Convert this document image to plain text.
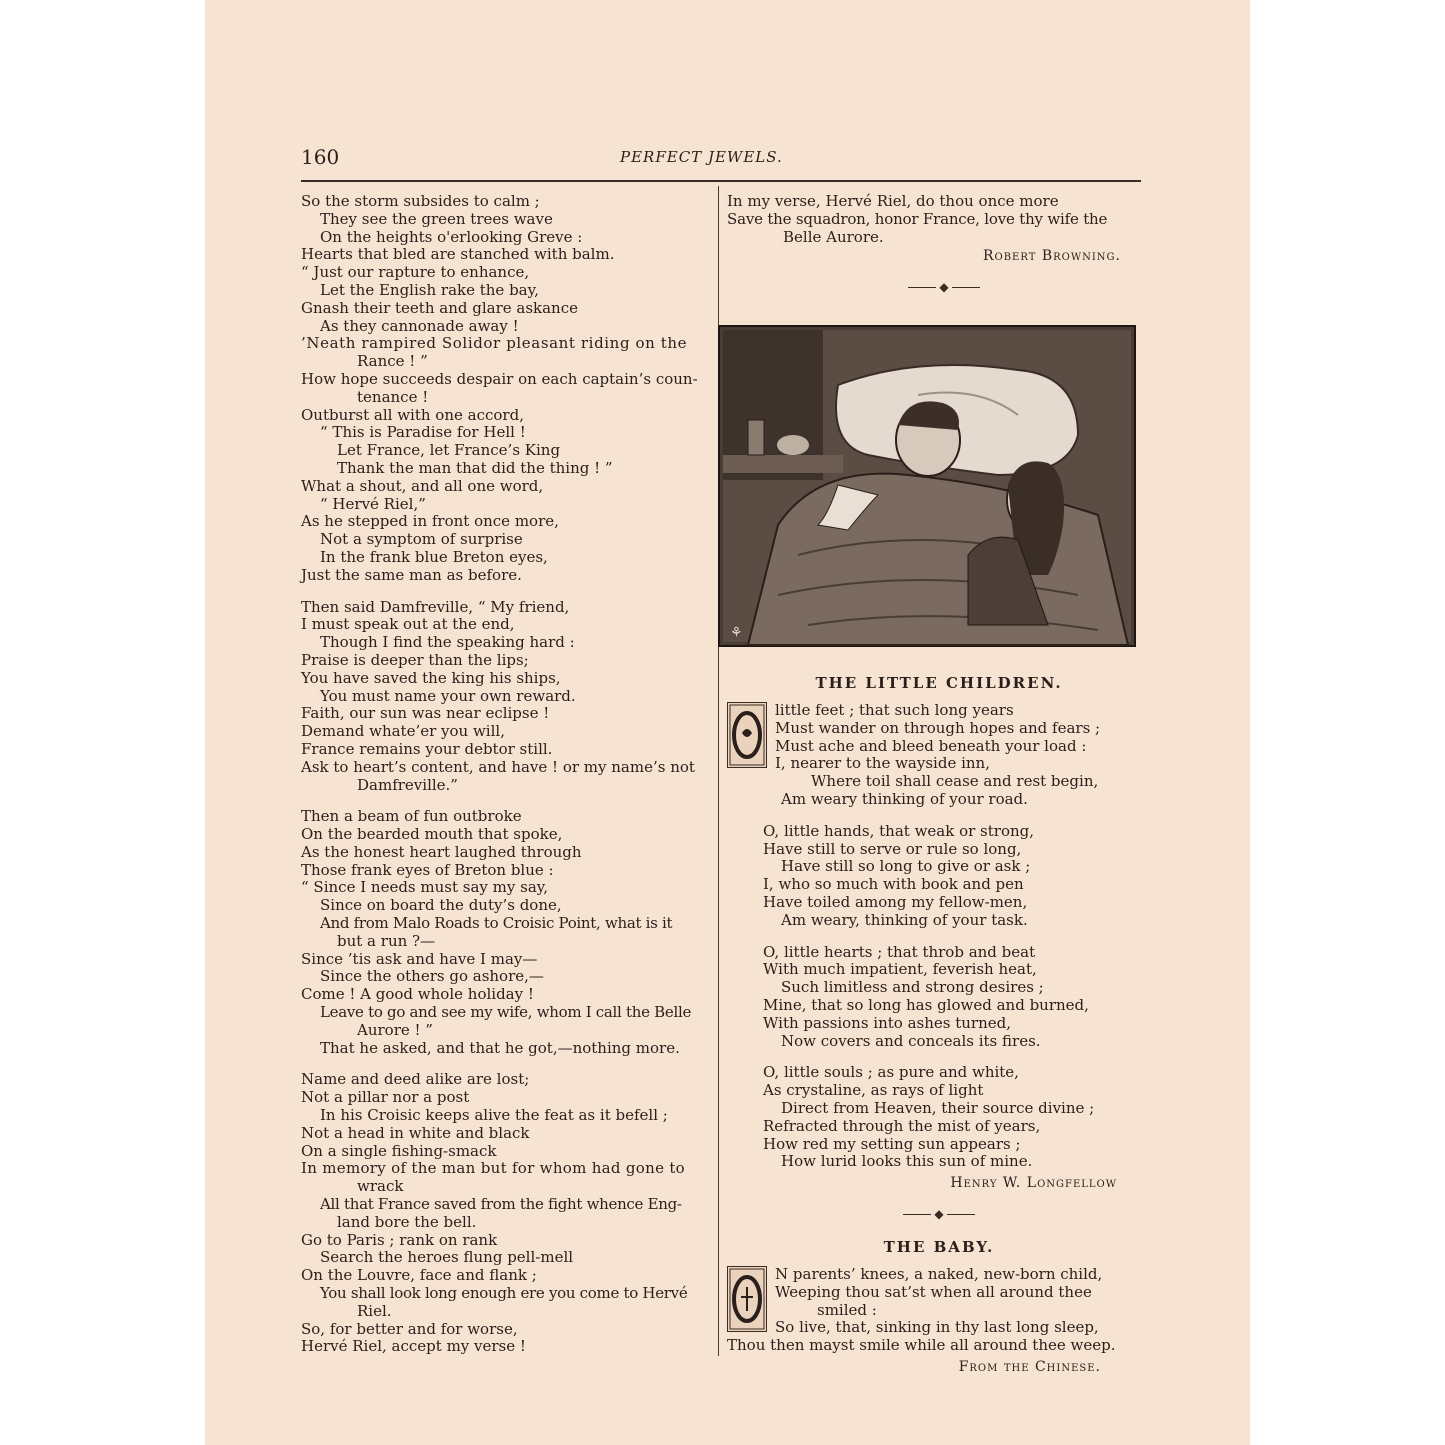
160	PERFECT JEWELS.
So the storm subsides to calm ;
They see the green trees wave
On the heights o'erlooking Greve :
Hearts that bled are stanched with balm.
“ Just our rapture to enhance,
Let the English rake the bay,
Gnash their teeth and glare askance
As they cannonade away !
’Neath rampired Solidor pleasant riding on the
Rance ! ”
How hope succeeds despair on each captain’s coun-
tenance !
Outburst all with one accord,
“ This is Paradise for Hell !
Let France, let France’s King
Thank the man that did the thing ! ”
What a shout, and all one word,
“ Hervé Riel,”
As he stepped in front once more,
Not a symptom of surprise
In the frank blue Breton eyes,
Just the same man as before.
Then said Damfreville, “ My friend,
I must speak out at the end,
Though I find the speaking hard :
Praise is deeper than the lips;
You have saved the king his ships,
You must name your own reward.
Faith, our sun was near eclipse !
Demand whate’er you will,
France remains your debtor still.
Ask to heart’s content, and have ! or my name’s not
Damfreville.”
Then a beam of fun outbroke
On the bearded mouth that spoke,
As the honest heart laughed through
Those frank eyes of Breton blue :
“ Since I needs must say my say,
Since on board the duty’s done,
And from Malo Roads to Croisic Point, what is it
but a run ?—
Since ’tis ask and have I may—
Since the others go ashore,—
Come ! A good whole holiday !
Leave to go and see my wife, whom I call the Belle
Aurore ! ”
That he asked, and that he got,—nothing more.
Name and deed alike are lost;
Not a pillar nor a post
In his Croisic keeps alive the feat as it befell ;
Not a head in white and black
On a single fishing-smack
In memory of the man but for whom had gone to
wrack
All that France saved from the fight whence Eng-
land bore the bell.
Go to Paris ; rank on rank
Search the heroes flung pell-mell
On the Louvre, face and flank ;
You shall look long enough ere you come to Hervé
Riel.
So, for better and for worse,
Hervé Riel, accept my verse !
In my verse, Hervé Riel, do thou once more
Save the squadron, honor France, love thy wife the
Belle Aurore.
Robert Browning.
◆
⚘
THE LITTLE CHILDREN.
little feet ; that such long years
Must wander on through hopes and fears ;
Must ache and bleed beneath your load :
I, nearer to the wayside inn,
Where toil shall cease and rest begin,
Am weary thinking of your road.
O, little hands, that weak or strong,
Have still to serve or rule so long,
Have still so long to give or ask ;
I, who so much with book and pen
Have toiled among my fellow-men,
Am weary, thinking of your task.
O, little hearts ; that throb and beat
With much impatient, feverish heat,
Such limitless and strong desires ;
Mine, that so long has glowed and burned,
With passions into ashes turned,
Now covers and conceals its fires.
O, little souls ; as pure and white,
As crystaline, as rays of light
Direct from Heaven, their source divine ;
Refracted through the mist of years,
How red my setting sun appears ;
How lurid looks this sun of mine.
Henry W. Longfellow
◆
THE BABY.
N parents’ knees, a naked, new-born child,
Weeping thou sat’st when all around thee
smiled :
So live, that, sinking in thy last long sleep,
Thou then mayst smile while all around thee weep.
From the Chinese.
